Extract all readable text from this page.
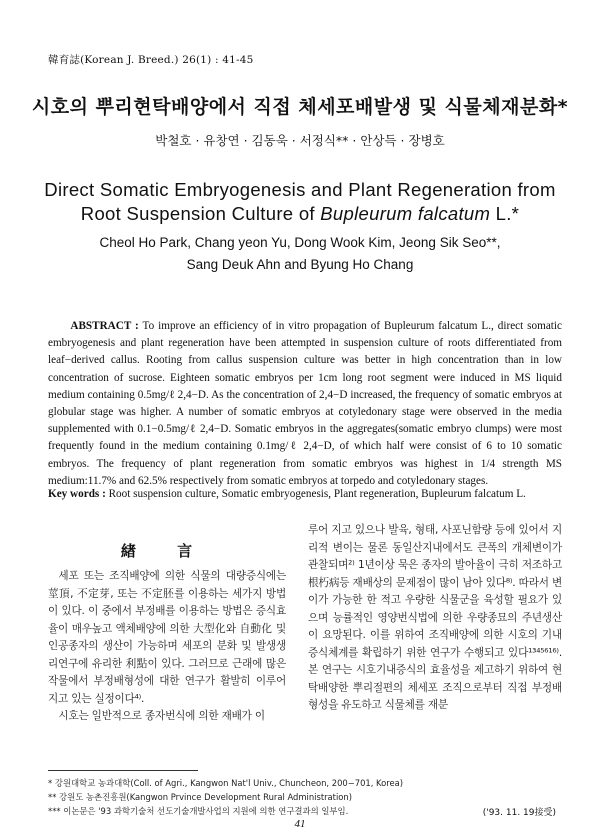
韓育誌(Korean J. Breed.) 26(1) : 41-45
시호의 뿌리현탁배양에서 직접 체세포배발생 및 식물체재분화*
박철호 · 유창연 · 김동욱 · 서정식** · 안상득 · 장병호
Direct Somatic Embryogenesis and Plant Regeneration from
Root Suspension Culture of Bupleurum falcatum L.*
Cheol Ho Park, Chang yeon Yu, Dong Wook Kim, Jeong Sik Seo**,
Sang Deuk Ahn and Byung Ho Chang
  ABSTRACT : To improve an efficiency of in vitro propagation of Bupleurum falcatum L., direct somatic embryogenesis and plant regeneration have been attempted in suspension culture of roots differentiated from leaf−derived callus. Rooting from callus suspension culture was better in high concentration than in low concentration of sucrose. Eighteen somatic embryos per 1cm long root segment were induced in MS liquid medium containing 0.5mg/ℓ 2,4−D. As the concentration of 2,4−D increased, the frequency of somatic embryos at globular stage was higher. A number of somatic embryos at cotyledonary stage were observed in the media supplemented with 0.1−0.5mg/ℓ 2,4−D. Somatic embryos in the aggregates(somatic embryo clumps) were most frequently found in the medium containing 0.1mg/ℓ 2,4−D, of which half were consist of 6 to 10 somatic embryos. The frequency of plant regeneration from somatic embryos was highest in 1/4 strength MS medium:11.7% and 62.5% respectively from somatic embryos at torpedo and cotyledonary stages.
Key words : Root suspension culture, Somatic embryogenesis, Plant regeneration, Bupleurum falcatum L.
緖 言

 세포 또는 조직배양에 의한 식물의 대량증식에는 莖頂, 不定芽, 또는 不定胚를 이용하는 세가지 방법이 있다. 이 중에서 부정배를 이용하는 방법은 증식효율이 매우높고 액체배양에 의한 大型化와 自動化 및 인공종자의 생산이 가능하며 세포의 분화 및 발생생리연구에 유리한 利點이 있다. 그러므로 근래에 많은 작물에서 부정배형성에 대한 연구가 활발히 이루어 지고 있는 실정이다⁴⁾.

 시호는 일반적으로 종자번식에 의한 재배가 이

루어 지고 있으나 발육, 형태, 사포닌함량 등에 있어서 지리적 변이는 물론 동일산지내에서도 큰폭의 개체변이가 관찰되며²⁾ 1년이상 묵은 종자의 발아율이 극히 저조하고 根朽病등 재배상의 문제점이 많이 남아 있다⁸⁾. 따라서 변이가 가능한 한 적고 우량한 식물군을 육성할 필요가 있으며 능률적인 영양번식법에 의한 우량종묘의 주년생산이 요망된다. 이를 위하여 조직배양에 의한 시호의 기내증식체계를 확립하기 위한 연구가 수행되고 있다¹³⁴⁵⁶¹⁶⁾. 본 연구는 시호기내증식의 효율성을 제고하기 위하여 현탁배양한 뿌리절편의 체세포 조직으로부터 직접 부정배형성을 유도하고 식물체를 재분

* 강원대학교 농과대학(Coll. of Agri., Kangwon Nat'l Univ., Chuncheon, 200−701, Korea)
** 강원도 농촌진흥원(Kangwon Prvince Development Rural Administration)
*** 이논문은 '93 과학기술처 선도기술개발사업의 지원에 의한 연구결과의 일부임.	('93. 11. 19接受)
41
